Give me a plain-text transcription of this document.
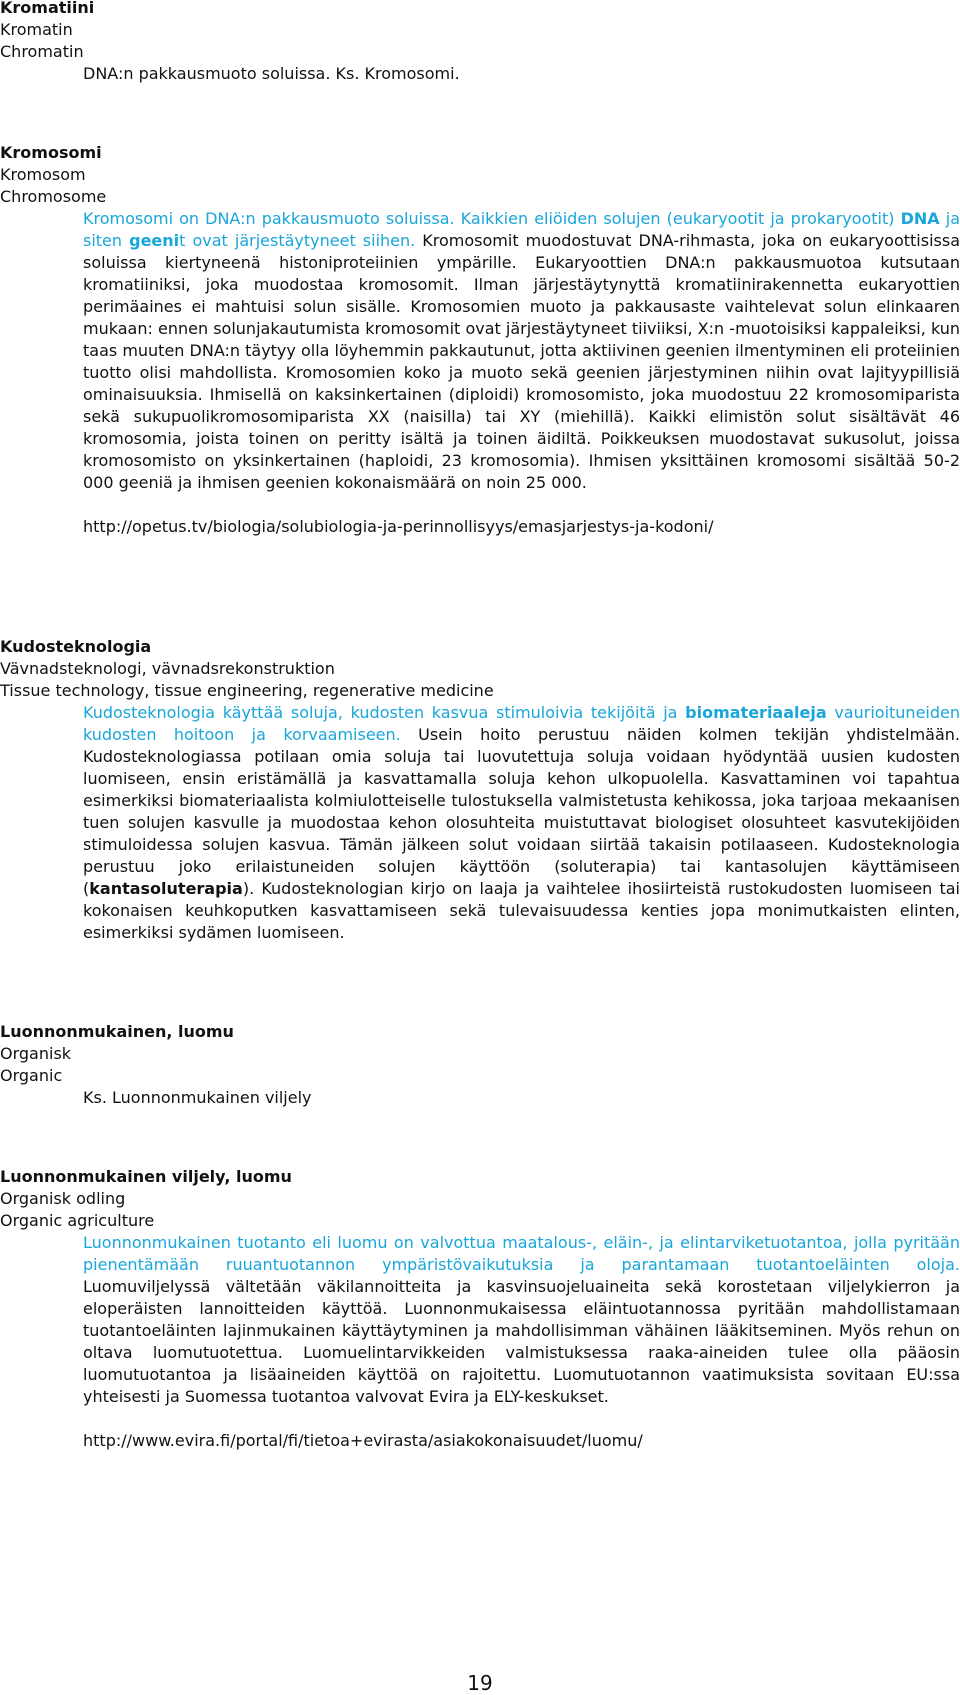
Kromatiini
Kromatin
Chromatin
DNA:n pakkausmuoto soluissa. Ks. Kromosomi.
Kromosomi
Kromosom
Chromosome

Kromosomi on DNA:n pakkausmuoto soluissa. Kaikkien eliöiden solujen (eukaryootit ja prokaryootit) DNA ja siten geenit ovat järjestäytyneet siihen. Kromosomit muodostuvat DNA-rihmasta, joka on eukaryoottisissa soluissa kiertyneenä histoniproteiinien ympärille. Eukaryoottien DNA:n pakkausmuotoa kutsutaan kromatiiniksi, joka muodostaa kromosomit. Ilman järjestäytynyttä kromatiinirakennetta eukaryottien perimäaines ei mahtuisi solun sisälle. Kromosomien muoto ja pakkausaste vaihtelevat solun elinkaaren mukaan: ennen solunjakautumista kromosomit ovat järjestäytyneet tiiviiksi, X:n -muotoisiksi kappaleiksi, kun taas muuten DNA:n täytyy olla löyhemmin pakkautunut, jotta aktiivinen geenien ilmentyminen eli proteiinien tuotto olisi mahdollista. Kromosomien koko ja muoto sekä geenien järjestyminen niihin ovat lajityypillisiä ominaisuuksia. Ihmisellä on kaksinkertainen (diploidi) kromosomisto, joka muodostuu 22 kromosomiparista sekä sukupuolikromosomiparista XX (naisilla) tai XY (miehillä). Kaikki elimistön solut sisältävät 46 kromosomia, joista toinen on peritty isältä ja toinen äidiltä. Poikkeuksen muodostavat sukusolut, joissa kromosomisto on yksinkertainen (haploidi, 23 kromosomia). Ihmisen yksittäinen kromosomi sisältää 50-2 000 geeniä ja ihmisen geenien kokonaismäärä on noin 25 000.

http://opetus.tv/biologia/solubiologia-ja-perinnollisyys/emasjarjestys-ja-kodoni/
Kudosteknologia
Vävnadsteknologi, vävnadsrekonstruktion
Tissue technology, tissue engineering, regenerative medicine

Kudosteknologia käyttää soluja, kudosten kasvua stimuloivia tekijöitä ja biomateriaaleja vaurioituneiden kudosten hoitoon ja korvaamiseen. Usein hoito perustuu näiden kolmen tekijän yhdistelmään. Kudosteknologiassa potilaan omia soluja tai luovutettuja soluja voidaan hyödyntää uusien kudosten luomiseen, ensin eristämällä ja kasvattamalla soluja kehon ulkopuolella. Kasvattaminen voi tapahtua esimerkiksi biomateriaalista kolmiulotteiselle tulostuksella valmistetusta kehikossa, joka tarjoaa mekaanisen tuen solujen kasvulle ja muodostaa kehon olosuhteita muistuttavat biologiset olosuhteet kasvutekijöiden stimuloidessa solujen kasvua. Tämän jälkeen solut voidaan siirtää takaisin potilaaseen. Kudosteknologia perustuu joko erilaistuneiden solujen käyttöön (soluterapia) tai kantasolujen käyttämiseen (kantasoluterapia). Kudosteknologian kirjo on laaja ja vaihtelee ihosiirteistä rustokudosten luomiseen tai kokonaisen keuhkoputken kasvattamiseen sekä tulevaisuudessa kenties jopa monimutkaisten elinten, esimerkiksi sydämen luomiseen.

Luonnonmukainen, luomu
Organisk
Organic
Ks. Luonnonmukainen viljely
Luonnonmukainen viljely, luomu
Organisk odling
Organic agriculture

Luonnonmukainen tuotanto eli luomu on valvottua maatalous-, eläin-, ja elintarviketuotantoa, jolla pyritään pienentämään ruuantuotannon ympäristövaikutuksia ja parantamaan tuotantoeläinten oloja. Luomuviljelyssä vältetään väkilannoitteita ja kasvinsuojeluaineita sekä korostetaan viljelykierron ja eloperäisten lannoitteiden käyttöä. Luonnonmukaisessa eläintuotannossa pyritään mahdollistamaan tuotantoeläinten lajinmukainen käyttäytyminen ja mahdollisimman vähäinen lääkitseminen. Myös rehun on oltava luomutuotettua. Luomuelintarvikkeiden valmistuksessa raaka-aineiden tulee olla pääosin luomutuotantoa ja lisäaineiden käyttöä on rajoitettu. Luomutuotannon vaatimuksista sovitaan EU:ssa yhteisesti ja Suomessa tuotantoa valvovat Evira ja ELY-keskukset.

http://www.evira.fi/portal/fi/tietoa+evirasta/asiakokonaisuudet/luomu/
19
